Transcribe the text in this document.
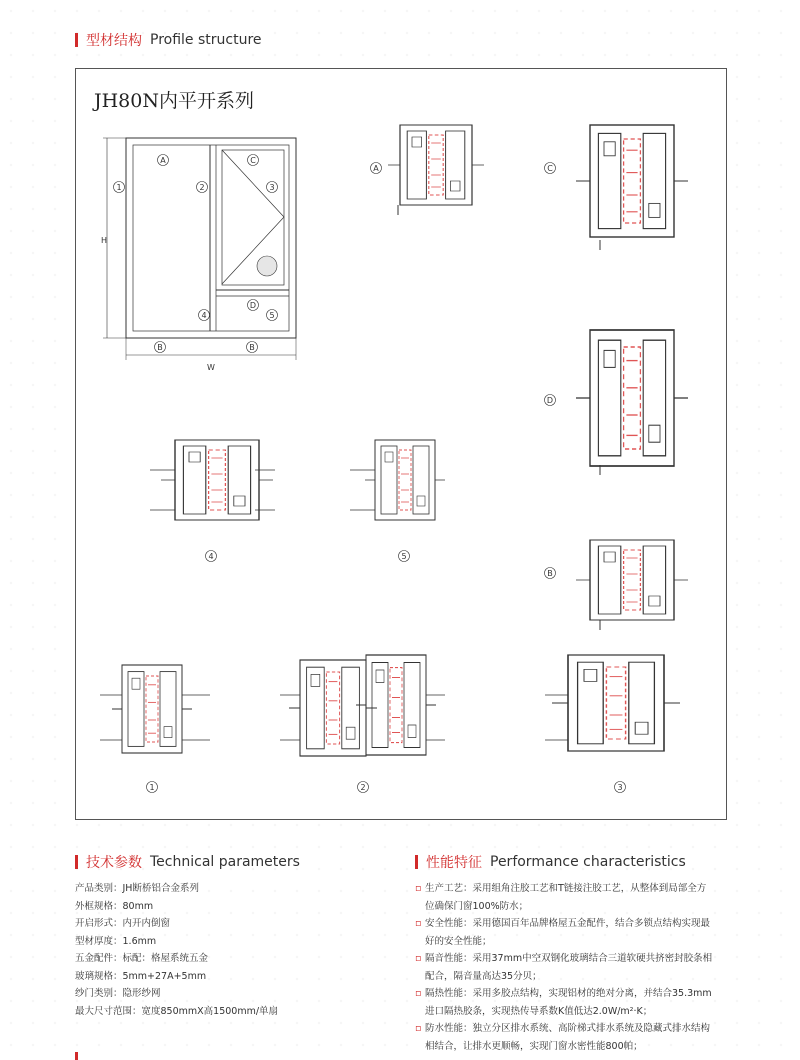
型材结构 Profile structure
JH80N内平开系列
H
W
A	C
1	2	3
D
4	5
B	B
A	C
D
B
4	5
1	2	3
技术参数 Technical parameters
产品类别：JH断桥铝合金系列
外框规格：80mm
开启形式：内开内倒窗
型材厚度：1.6mm
五金配件：标配：格屋系统五金
玻璃规格：5mm+27A+5mm
纱门类别：隐形纱网
最大尺寸范围：宽度850mmX高1500mm/单扇
性能特征 Performance characteristics
▫ 生产工艺：采用组角注胶工艺和T链接注胶工艺，从整体到局部全方
位确保门窗100%防水；
▫ 安全性能：采用德国百年品牌格屋五金配件，结合多锁点结构实现最
好的安全性能；
▫ 隔音性能：采用37mm中空双钢化玻璃结合三道软硬共挤密封胶条相
配合，隔音量高达35分贝；
▫ 隔热性能：采用多胶点结构，实现铝材的绝对分离，并结合35.3mm
进口隔热胶条，实现热传导系数K值低达2.0W/m²·K；
▫ 防水性能：独立分区排水系统、高阶梯式排水系统及隐藏式排水结构
相结合，让排水更顺畅，实现门窗水密性能800帕；
